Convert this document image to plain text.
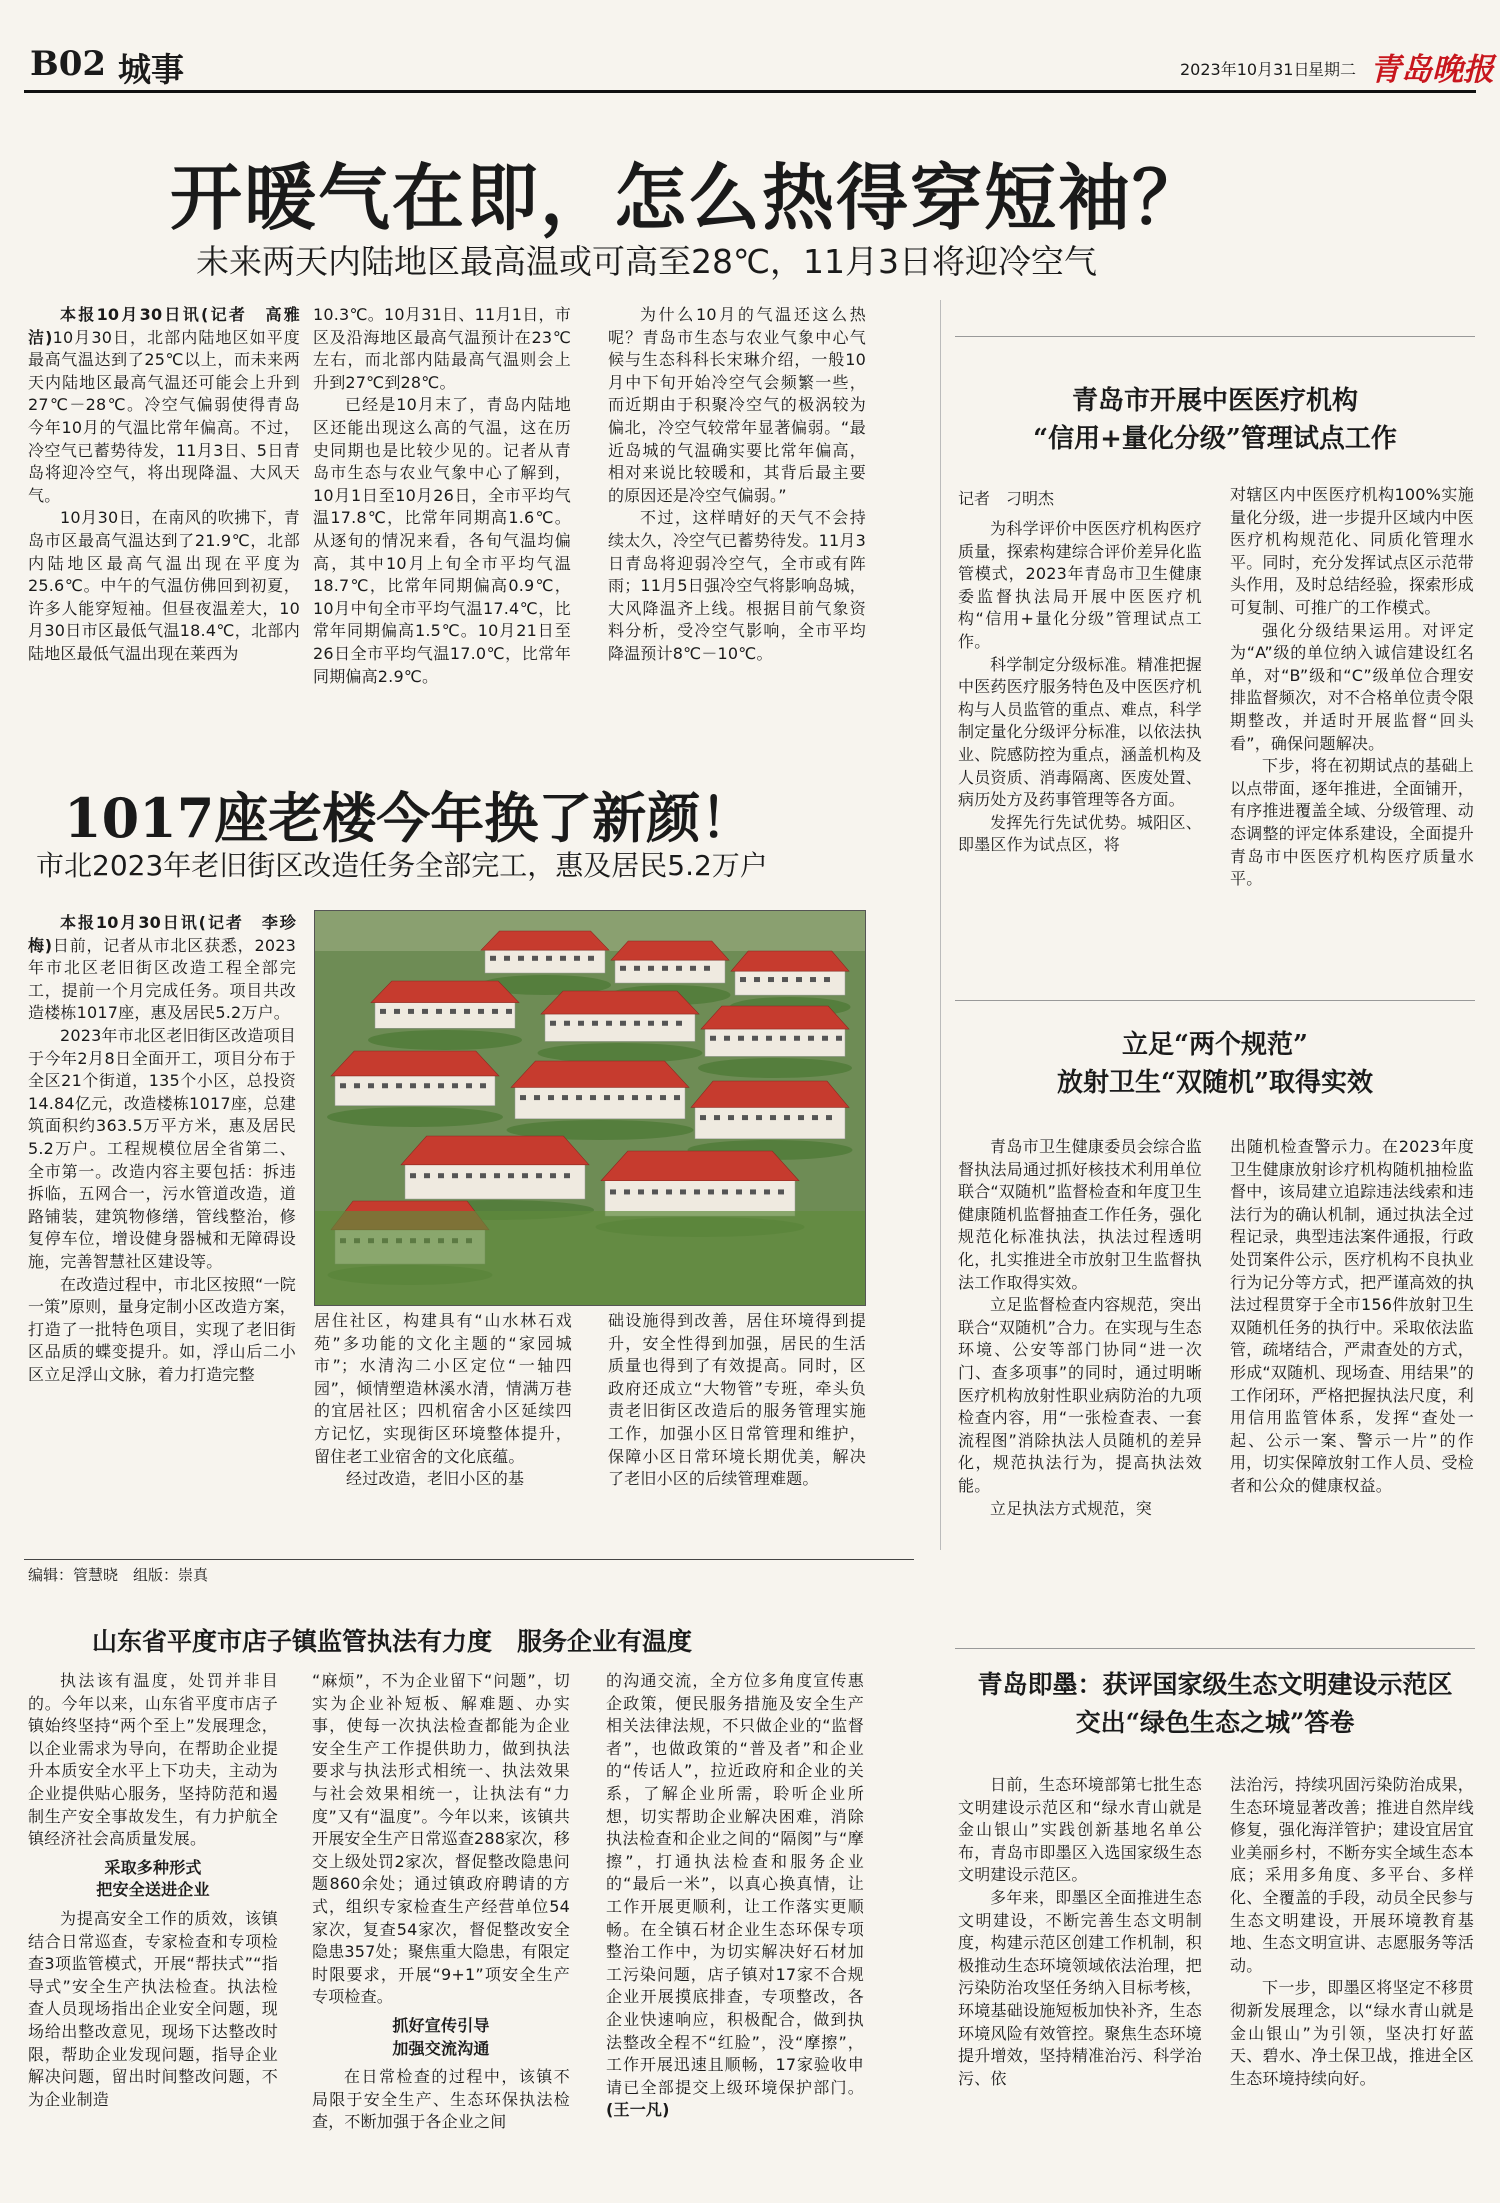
B02 城事	2023年10月31日
星期二 青岛晚报
开暖气在即，怎么热得穿短袖？
未来两天内陆地区最高温或可高至28℃，11月3日将迎冷空气

本报10月30日讯(记者　高雅洁)10月30日，北部内陆地区如平度最高气温达到了25℃以上，而未来两天内陆地区最高气温还可能会上升到27℃－28℃。冷空气偏弱使得青岛今年10月的气温比常年偏高。不过，冷空气已蓄势待发，11月3日、5日青岛将迎冷空气，将出现降温、大风天气。

10月30日，在南风的吹拂下，青岛市区最高气温达到了21.9℃，北部内陆地区最高气温出现在平度为25.6℃。中午的气温仿佛回到初夏，许多人能穿短袖。但昼夜温差大，10月30日市区最低气温18.4℃，北部内陆地区最低气温出现在莱西为

10.3℃。10月31日、11月1日，市区及沿海地区最高气温预计在23℃左右，而北部内陆最高气温则会上升到27℃到28℃。

已经是10月末了，青岛内陆地区还能出现这么高的气温，这在历史同期也是比较少见的。记者从青岛市生态与农业气象中心了解到，10月1日至10月26日，全市平均气温17.8℃，比常年同期高1.6℃。从逐旬的情况来看，各旬气温均偏高，其中10月上旬全市平均气温18.7℃，比常年同期偏高0.9℃，10月中旬全市平均气温17.4℃，比常年同期偏高1.5℃。10月21日至26日全市平均气温17.0℃，比常年同期偏高2.9℃。

为什么10月的气温还这么热呢？青岛市生态与农业气象中心气候与生态科科长宋琳介绍，一般10月中下旬开始冷空气会频繁一些，而近期由于积聚冷空气的极涡较为偏北，冷空气较常年显著偏弱。“最近岛城的气温确实要比常年偏高，相对来说比较暖和，其背后最主要的原因还是冷空气偏弱。”

不过，这样晴好的天气不会持续太久，冷空气已蓄势待发。11月3日青岛将迎弱冷空气，全市或有阵雨；11月5日强冷空气将影响岛城，大风降温齐上线。根据目前气象资料分析，受冷空气影响，全市平均降温预计8℃－10℃。

1017座老楼今年换了新颜！
市北2023年老旧街区改造任务全部完工，惠及居民5.2万户

本报10月30日讯(记者　李珍梅)日前，记者从市北区获悉，2023年市北区老旧街区改造工程全部完工，提前一个月完成任务。项目共改造楼栋1017座，惠及居民5.2万户。

2023年市北区老旧街区改造项目于今年2月8日全面开工，项目分布于全区21个街道，135个小区，总投资14.84亿元，改造楼栋1017座，总建筑面积约363.5万平方米，惠及居民5.2万户。工程规模位居全省第二、全市第一。改造内容主要包括：拆违拆临，五网合一，污水管道改造，道路铺装，建筑物修缮，管线整治，修复停车位，增设健身器械和无障碍设施，完善智慧社区建设等。

在改造过程中，市北区按照“一院一策”原则，量身定制小区改造方案，打造了一批特色项目，实现了老旧街区品质的蝶变提升。如，浮山后二小区立足浮山文脉，着力打造完整

居住社区，构建具有“山水林石戏苑”多功能的文化主题的“家园城市”；水清沟二小区定位“一轴四园”，倾情塑造林溪水清，情满万巷的宜居社区；四机宿舍小区延续四方记忆，实现街区环境整体提升，留住老工业宿舍的文化底蕴。

经过改造，老旧小区的基

础设施得到改善，居住环境得到提升，安全性得到加强，居民的生活质量也得到了有效提高。同时，区政府还成立“大物管”专班，牵头负责老旧街区改造后的服务管理实施工作，加强小区日常管理和维护，保障小区日常环境长期优美，解决了老旧小区的后续管理难题。

编辑：管慧晓　组版：崇真
青岛市开展中医医疗机构
“信用+量化分级”管理试点工作
记者　刁明杰

为科学评价中医医疗机构医疗质量，探索构建综合评价差异化监管模式，2023年青岛市卫生健康委监督执法局开展中医医疗机构“信用+量化分级”管理试点工作。

科学制定分级标准。精准把握中医药医疗服务特色及中医医疗机构与人员监管的重点、难点，科学制定量化分级评分标准，以依法执业、院感防控为重点，涵盖机构及人员资质、消毒隔离、医废处置、病历处方及药事管理等各方面。

发挥先行先试优势。城阳区、即墨区作为试点区，将

对辖区内中医医疗机构100%实施量化分级，进一步提升区域内中医医疗机构规范化、同质化管理水平。同时，充分发挥试点区示范带头作用，及时总结经验，探索形成可复制、可推广的工作模式。

强化分级结果运用。对评定为“A”级的单位纳入诚信建设红名单，对“B”级和“C”级单位合理安排监督频次，对不合格单位责令限期整改，并适时开展监督“回头看”，确保问题解决。

下步，将在初期试点的基础上以点带面，逐年推进，全面铺开，有序推进覆盖全域、分级管理、动态调整的评定体系建设，全面提升青岛市中医医疗机构医疗质量水平。

立足“两个规范”
放射卫生“双随机”取得实效

青岛市卫生健康委员会综合监督执法局通过抓好核技术利用单位联合“双随机”监督检查和年度卫生健康随机监督抽查工作任务，强化规范化标准执法，执法过程透明化，扎实推进全市放射卫生监督执法工作取得实效。

立足监督检查内容规范，突出联合“双随机”合力。在实现与生态环境、公安等部门协同“进一次门、查多项事”的同时，通过明晰医疗机构放射性职业病防治的九项检查内容，用“一张检查表、一套流程图”消除执法人员随机的差异化，规范执法行为，提高执法效能。

立足执法方式规范，突

出随机检查警示力。在2023年度卫生健康放射诊疗机构随机抽检监督中，该局建立追踪违法线索和违法行为的确认机制，通过执法全过程记录，典型违法案件通报，行政处罚案件公示，医疗机构不良执业行为记分等方式，把严谨高效的执法过程贯穿于全市156件放射卫生双随机任务的执行中。采取依法监管，疏堵结合，严肃查处的方式，形成“双随机、现场查、用结果”的工作闭环，严格把握执法尺度，利用信用监管体系，发挥“查处一起、公示一案、警示一片”的作用，切实保障放射工作人员、受检者和公众的健康权益。

山东省平度市店子镇监管执法有力度　服务企业有温度

执法该有温度，处罚并非目的。今年以来，山东省平度市店子镇始终坚持“两个至上”发展理念，以企业需求为导向，在帮助企业提升本质安全水平上下功夫，主动为企业提供贴心服务，坚持防范和遏制生产安全事故发生，有力护航全镇经济社会高质量发展。

采取多种形式

把安全送进企业

为提高安全工作的质效，该镇结合日常巡查，专家检查和专项检查3项监管模式，开展“帮扶式”“指导式”安全生产执法检查。执法检查人员现场指出企业安全问题，现场给出整改意见，现场下达整改时限，帮助企业发现问题，指导企业解决问题，留出时间整改问题，不为企业制造

“麻烦”，不为企业留下“问题”，切实为企业补短板、解难题、办实事，使每一次执法检查都能为企业安全生产工作提供助力，做到执法要求与执法形式相统一、执法效果与社会效果相统一，让执法有“力度”又有“温度”。今年以来，该镇共开展安全生产日常巡查288家次，移交上级处罚2家次，督促整改隐患问题860余处；通过镇政府聘请的方式，组织专家检查生产经营单位54家次，复查54家次，督促整改安全隐患357处；聚焦重大隐患，有限定时限要求，开展“9+1”项安全生产专项检查。

抓好宣传引导

加强交流沟通

在日常检查的过程中，该镇不局限于安全生产、生态环保执法检查，不断加强于各企业之间

的沟通交流，全方位多角度宣传惠企政策，便民服务措施及安全生产相关法律法规，不只做企业的“监督者”，也做政策的“普及者”和企业的“传话人”，拉近政府和企业的关系，了解企业所需，聆听企业所想，切实帮助企业解决困难，消除执法检查和企业之间的“隔阂”与“摩擦”，打通执法检查和服务企业的“最后一米”，以真心换真情，让工作开展更顺利，让工作落实更顺畅。在全镇石材企业生态环保专项整治工作中，为切实解决好石材加工污染问题，店子镇对17家不合规企业开展摸底排查，专项整改，各企业快速响应，积极配合，做到执法整改全程不“红脸”，没“摩擦”，工作开展迅速且顺畅，17家验收申请已全部提交上级环境保护部门。 (王一凡)

青岛即墨：获评国家级生态文明建设示范区
交出“绿色生态之城”答卷

日前，生态环境部第七批生态文明建设示范区和“绿水青山就是金山银山”实践创新基地名单公布，青岛市即墨区入选国家级生态文明建设示范区。

多年来，即墨区全面推进生态文明建设，不断完善生态文明制度，构建示范区创建工作机制，积极推动生态环境领域依法治理，把污染防治攻坚任务纳入目标考核，环境基础设施短板加快补齐，生态环境风险有效管控。聚焦生态环境提升增效，坚持精准治污、科学治污、依

法治污，持续巩固污染防治成果，生态环境显著改善；推进自然岸线修复，强化海洋管护；建设宜居宜业美丽乡村，不断夯实全域生态本底；采用多角度、多平台、多样化、全覆盖的手段，动员全民参与生态文明建设，开展环境教育基地、生态文明宣讲、志愿服务等活动。

下一步，即墨区将坚定不移贯彻新发展理念，以“绿水青山就是金山银山”为引领，坚决打好蓝天、碧水、净土保卫战，推进全区生态环境持续向好。
